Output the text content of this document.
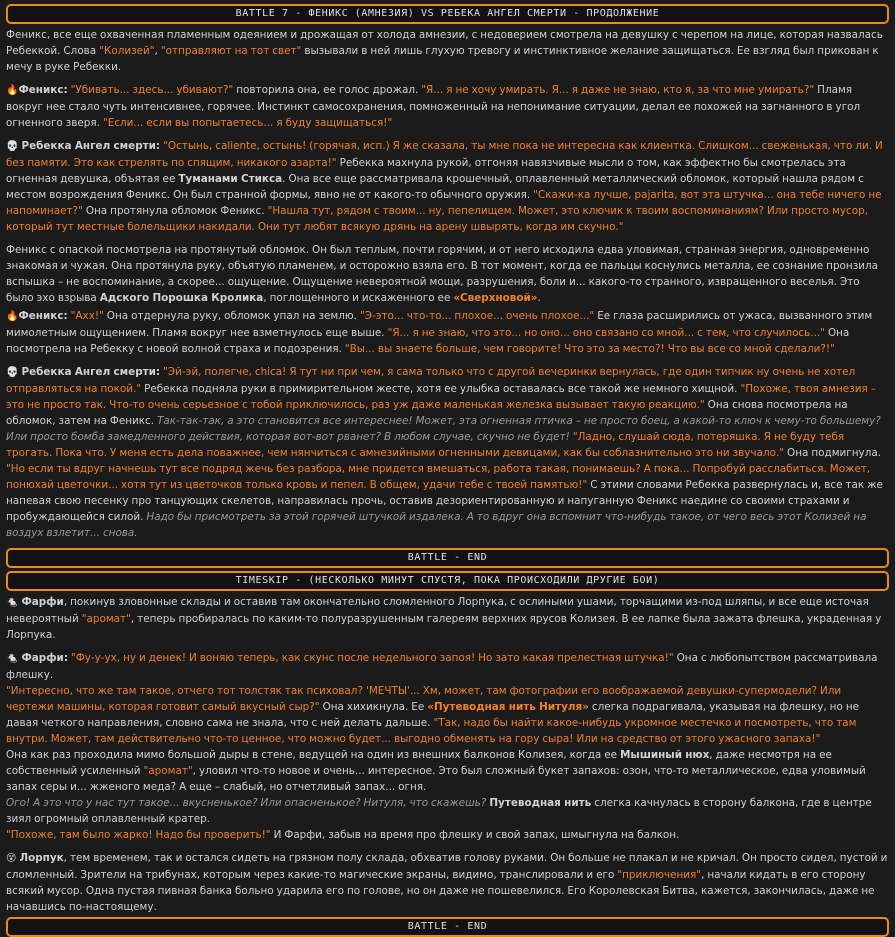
BATTLE 7 - ФЕНИКС (АМНЕЗИЯ) VS РЕБЕКА АНГЕЛ СМЕРТИ - ПРОДОЛЖЕНИЕ
Феникс, все еще охваченная пламенным одеянием и дрожащая от холода амнезии, с недоверием смотрела на девушку с черепом на лице, которая назвалась Ребеккой. Слова "Колизей", "отправляют на тот свет" вызывали в ней лишь глухую тревогу и инстинктивное желание защищаться. Ее взгляд был прикован к мечу в руке Ребекки.
🔥Феникс: "Убивать... здесь... убивают?" повторила она, ее голос дрожал. "Я... я не хочу умирать. Я... я даже не знаю, кто я, за что мне умирать?" Пламя вокруг нее стало чуть интенсивнее, горячее. Инстинкт самосохранения, помноженный на непонимание ситуации, делал ее похожей на загнанного в угол огненного зверя. "Если... если вы попытаетесь... я буду защищаться!"
💀 Ребекка Ангел смерти: "Остынь, caliente, остынь! (горячая, исп.) Я же сказала, ты мне пока не интересна как клиентка. Слишком... свеженькая, что ли. И без памяти. Это как стрелять по спящим, никакого азарта!" Ребекка махнула рукой, отгоняя навязчивые мысли о том, как эффектно бы смотрелась эта огненная девушка, объятая ее Туманами Стикса. Она все еще рассматривала крошечный, оплавленный металлический обломок, который нашла рядом с местом возрождения Феникс. Он был странной формы, явно не от какого-то обычного оружия. "Скажи-ка лучше, pajarita, вот эта штучка... она тебе ничего не напоминает?" Она протянула обломок Феникс. "Нашла тут, рядом с твоим... ну, пепелищем. Может, это ключик к твоим воспоминаниям? Или просто мусор, который тут местные болельщики накидали. Они тут любят всякую дрянь на арену швырять, когда им скучно."
Феникс с опаской посмотрела на протянутый обломок. Он был теплым, почти горячим, и от него исходила едва уловимая, странная энергия, одновременно знакомая и чужая. Она протянула руку, объятую пламенем, и осторожно взяла его. В тот момент, когда ее пальцы коснулись металла, ее сознание пронзила вспышка – не воспоминание, а скорее... ощущение. Ощущение невероятной мощи, разрушения, боли и... какого-то странного, извращенного веселья. Это было эхо взрыва Адского Порошка Кролика, поглощенного и искаженного ее «Сверхновой».
🔥Феникс: "Ахх!" Она отдернула руку, обломок упал на землю. "Э-это... что-то... плохое... очень плохое..." Ее глаза расширились от ужаса, вызванного этим мимолетным ощущением. Пламя вокруг нее взметнулось еще выше. "Я... я не знаю, что это... но оно... оно связано со мной... с тем, что случилось..." Она посмотрела на Ребекку с новой волной страха и подозрения. "Вы... вы знаете больше, чем говорите! Что это за место?! Что вы все со мной сделали?!"
💀 Ребекка Ангел смерти: "Эй-эй, полегче, chica! Я тут ни при чем, я сама только что с другой вечеринки вернулась, где один типчик ну очень не хотел отправляться на покой." Ребекка подняла руки в примирительном жесте, хотя ее улыбка оставалась все такой же немного хищной. "Похоже, твоя амнезия – это не просто так. Что-то очень серьезное с тобой приключилось, раз уж даже маленькая железка вызывает такую реакцию." Она снова посмотрела на обломок, затем на Феникс. Так-так-так, а это становится все интереснее! Может, эта огненная птичка – не просто боец, а какой-то ключ к чему-то большему? Или просто бомба замедленного действия, которая вот-вот рванет? В любом случае, скучно не будет! "Ладно, слушай сюда, потеряшка. Я не буду тебя трогать. Пока что. У меня есть дела поважнее, чем нянчиться с амнезийными огненными девицами, как бы соблазнительно это ни звучало." Она подмигнула. "Но если ты вдруг начнешь тут все подряд жечь без разбора, мне придется вмешаться, работа такая, понимаешь? А пока... Попробуй расслабиться. Может, понюхай цветочки... хотя тут из цветочков только кровь и пепел. В общем, удачи тебе с твоей памятью!" С этими словами Ребекка развернулась и, все так же напевая свою песенку про танцующих скелетов, направилась прочь, оставив дезориентированную и напуганную Феникс наедине со своими страхами и пробуждающейся силой. Надо бы присмотреть за этой горячей штучкой издалека. А то вдруг она вспомнит что-нибудь такое, от чего весь этот Колизей на воздух взлетит... снова.
BATTLE - END
TIMESKIP - (НЕСКОЛЬКО МИНУТ СПУСТЯ, ПОКА ПРОИСХОДИЛИ ДРУГИЕ БОИ)
🐁 Фарфи, покинув зловонные склады и оставив там окончательно сломленного Лорпука, с ослиными ушами, торчащими из-под шляпы, и все еще источая невероятный "аромат", теперь пробиралась по каким-то полуразрушенным галереям верхних ярусов Колизея. В ее лапке была зажата флешка, украденная у Лорпука.
🐁 Фарфи: "Фу-у-ух, ну и денек! И воняю теперь, как скунс после недельного запоя! Но зато какая прелестная штучка!" Она с любопытством рассматривала флешку.
"Интересно, что же там такое, отчего тот толстяк так психовал? 'МЕЧТЫ'... Хм, может, там фотографии его воображаемой девушки-супермодели? Или чертежи машины, которая готовит самый вкусный сыр?" Она хихикнула. Ее «Путеводная нить Нитуля» слегка подрагивала, указывая на флешку, но не давая четкого направления, словно сама не знала, что с ней делать дальше. "Так, надо бы найти какое-нибудь укромное местечко и посмотреть, что там внутри. Может, там действительно что-то ценное, что можно будет... выгодно обменять на гору сыра! Или на средство от этого ужасного запаха!"
Она как раз проходила мимо большой дыры в стене, ведущей на один из внешних балконов Колизея, когда ее Мышиный нюх, даже несмотря на ее собственный усиленный "аромат", уловил что-то новое и очень... интересное. Это был сложный букет запахов: озон, что-то металлическое, едва уловимый запах серы и... жженого меда? А еще – слабый, но отчетливый запах... огня.
Ого! А это что у нас тут такое... вкусненькое? Или опасненькое? Нитуля, что скажешь? Путеводная нить слегка качнулась в сторону балкона, где в центре зиял огромный оплавленный кратер.
"Похоже, там было жарко! Надо бы проверить!" И Фарфи, забыв на время про флешку и свой запах, шмыгнула на балкон.
😵 Лорпук, тем временем, так и остался сидеть на грязном полу склада, обхватив голову руками. Он больше не плакал и не кричал. Он просто сидел, пустой и сломленный. Зрители на трибунах, которым через какие-то магические экраны, видимо, транслировали и его "приключения", начали кидать в его сторону всякий мусор. Одна пустая пивная банка больно ударила его по голове, но он даже не пошевелился. Его Королевская Битва, кажется, закончилась, даже не начавшись по-настоящему.
BATTLE - END
